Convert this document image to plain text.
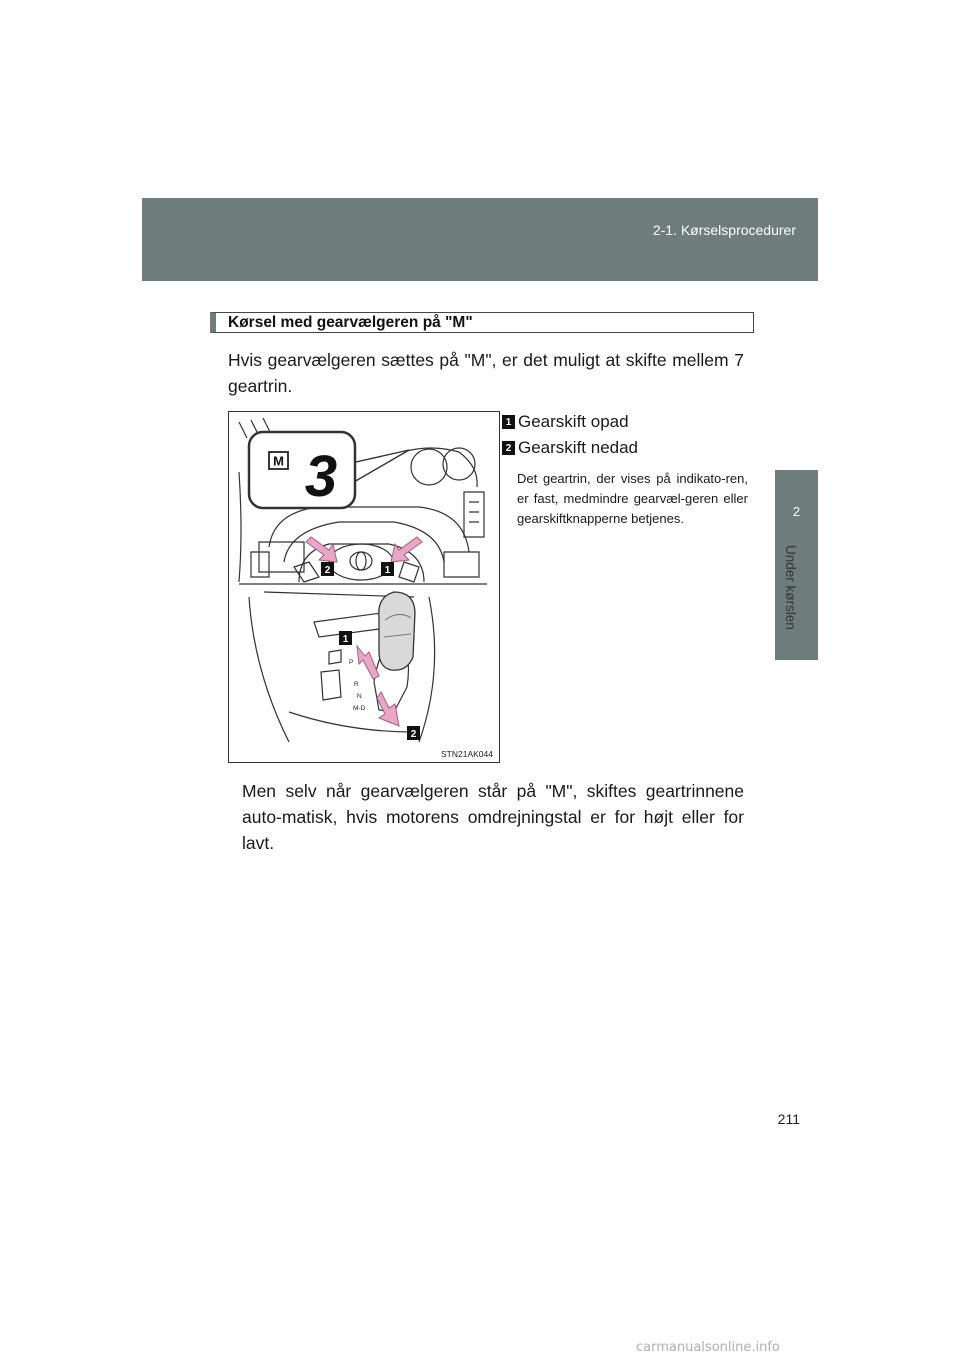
2-1. Kørselsprocedurer
2
Under kørslen
Kørsel med gearvælgeren på "M"
Hvis gearvælgeren sættes på "M", er det muligt at skifte mellem 7 geartrin.
M 3
2	1
P
R
N
M-D
1
2
STN21AK044
1 Gearskift opad
2 Gearskift nedad
Det geartrin, der vises på indikato-ren, er fast, medmindre gearvæl-geren eller gearskiftknapperne betjenes.
Men selv når gearvælgeren står på "M", skiftes geartrinnene auto-matisk, hvis motorens omdrejningstal er for højt eller for lavt.
211
carmanualsonline.info
